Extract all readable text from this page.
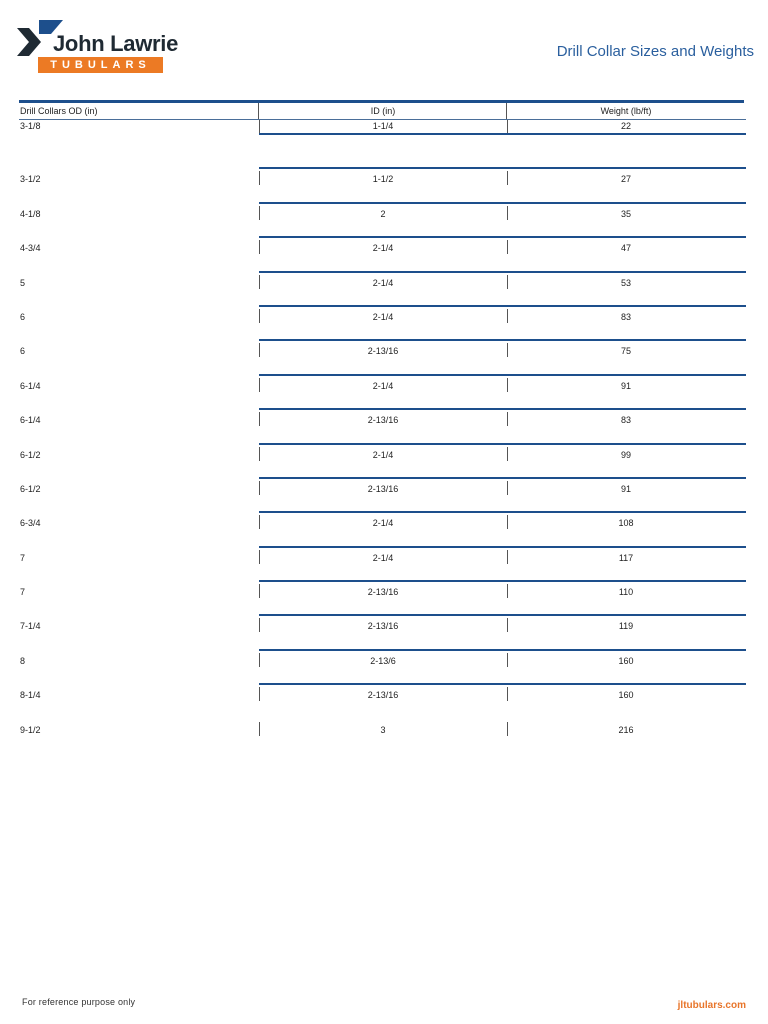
John Lawrie
TUBULARS
Drill Collar Sizes and Weights
Drill Collars OD (in)	ID (in)	Weight (lb/ft)
3-1/8	1-1/4	22
3-1/2	1-1/2	27
4-1/8	2	35
4-3/4	2-1/4	47
5	2-1/4	53
6	2-1/4	83
6	2-13/16	75
6-1/4	2-1/4	91
6-1/4	2-13/16	83
6-1/2	2-1/4	99
6-1/2	2-13/16	91
6-3/4	2-1/4	108
7	2-1/4	117
7	2-13/16	110
7-1/4	2-13/16	119
8	2-13/6	160
8-1/4	2-13/16	160
9-1/2	3	216
For reference purpose only	jltubulars.com
